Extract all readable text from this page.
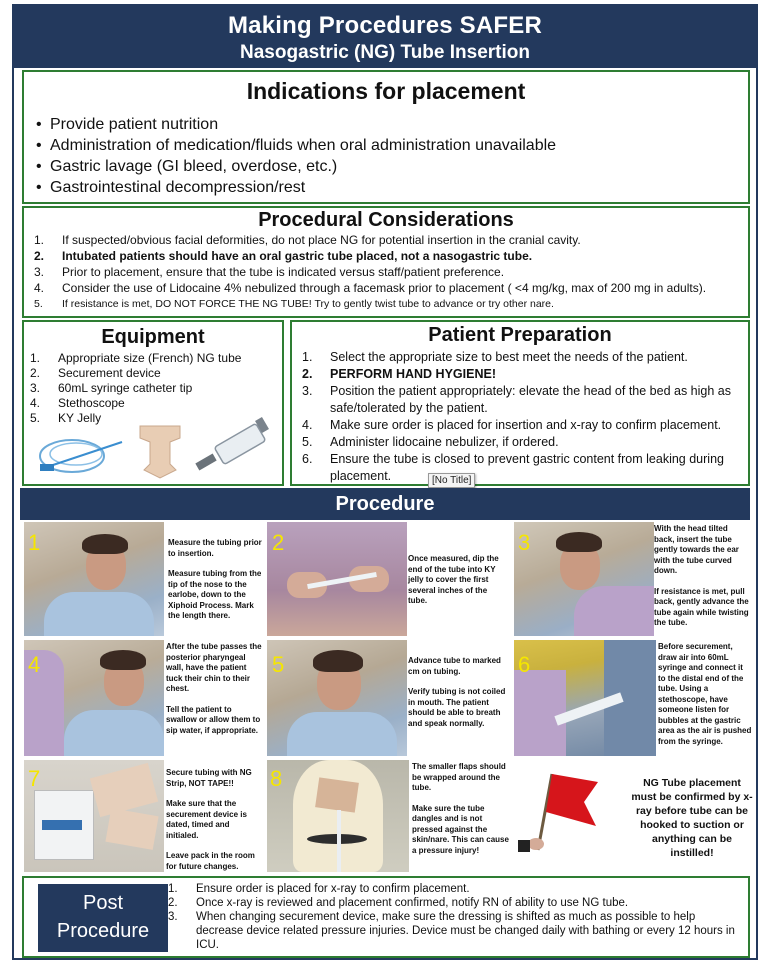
Making Procedures SAFER
Nasogastric (NG) Tube Insertion
Indications for placement
• Provide patient nutrition
• Administration of medication/fluids when oral administration unavailable
• Gastric lavage (GI bleed, overdose, etc.)
• Gastrointestinal decompression/rest
Procedural Considerations
1. If suspected/obvious facial deformities, do not place NG for potential insertion in the cranial cavity.
2. Intubated patients should have an oral gastric tube placed, not a nasogastric tube.
3. Prior to placement, ensure that the tube is indicated versus staff/patient preference.
4. Consider the use of Lidocaine 4% nebulized through a facemask prior to placement ( <4 mg/kg, max of 200 mg in adults).
5. If resistance is met, DO NOT FORCE THE NG TUBE! Try to gently twist tube to advance or try other nare.
Equipment
1. Appropriate size (French) NG tube
2. Securement device
3. 60mL syringe catheter tip
4. Stethoscope
5. KY Jelly
Patient Preparation
1. Select the appropriate size to best meet the needs of the patient.
2. PERFORM HAND HYGIENE!
3. Position the patient appropriately: elevate the head of the bed as high as safe/tolerated by the patient.
4. Make sure order is placed for insertion and x-ray to confirm placement.
5. Administer lidocaine nebulizer, if ordered.
6. Ensure the tube is closed to prevent gastric content from leaking during placement.	[No Title]
Procedure
1	Measure the tubing prior to insertion.

Measure tubing from the tip of the nose to the earlobe, down to the Xiphoid Process. Mark the length there.

2

Once measured, dip the end of the tube into KY jelly to cover the first several inches of the tube.

3

With the head tilted back, insert the tube gently towards the ear with the tube curved down.

If resistance is met, pull back, gently advance the tube again while twisting the tube.

4

After the tube passes the posterior pharyngeal wall, have the patient tuck their chin to their chest.

Tell the patient to swallow or allow them to sip water, if appropriate.

5	Advance tube to marked cm on tubing.

Verify tubing is not coiled in mouth. The patient should be able to breath and speak normally.

6

Before securement, draw air into 60mL syringe and connect it to the distal end of the tube. Using a stethoscope, have someone listen for bubbles at the gastric area as the air is pushed from the syringe.

7	Secure tubing with NG Strip, NOT TAPE!!

Make sure that the securement device is dated, timed and initialed.

Leave pack in the room for future changes.

8	The smaller flaps should be wrapped around the tube.

Make sure the tube dangles and is not pressed against the skin/nare. This can cause a pressure injury!

NG Tube placement must be confirmed by x-ray before tube can be hooked to suction or anything can be instilled!
Post
Procedure
1. Ensure order is placed for x-ray to confirm placement.
2. Once x-ray is reviewed and placement confirmed, notify RN of ability to use NG tube.
3. When changing securement device, make sure the dressing is shifted as much as possible to help decrease device related pressure injuries. Device must be changed daily with bathing or every 12 hours in ICU.
